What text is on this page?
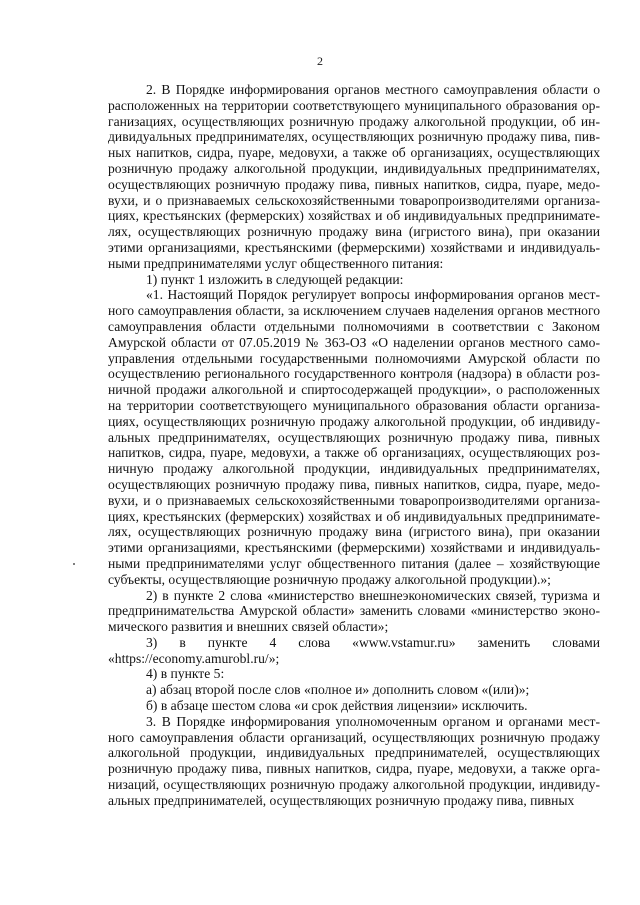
2

2. В Порядке информирования органов местного самоуправления области о расположенных на территории соответствующего муниципального образования организациях, осуществляющих розничную продажу алкогольной продукции, об индивидуальных предпринимателях, осуществляющих розничную продажу пива, пивных напитков, сидра, пуаре, медовухи, а также об организациях, осуществляющих розничную продажу алкогольной продукции, индивидуальных предпринимателях, осуществляющих розничную продажу пива, пивных напитков, сидра, пуаре, медовухи, и о признаваемых сельскохозяйственными товаропроизводителями организациях, крестьянских (фермерских) хозяйствах и об индивидуальных предпринимателях, осуществляющих розничную продажу вина (игристого вина), при оказании этими организациями, крестьянскими (фермерскими) хозяйствами и индивидуальными предпринимателями услуг общественного питания:

1) пункт 1 изложить в следующей редакции:

«1. Настоящий Порядок регулирует вопросы информирования органов местного самоуправления области, за исключением случаев наделения органов местного самоуправления области отдельными полномочиями в соответствии с Законом Амурской области от 07.05.2019 № 363-ОЗ «О наделении органов местного самоуправления отдельными государственными полномочиями Амурской области по осуществлению регионального государственного контроля (надзора) в области розничной продажи алкогольной и спиртосодержащей продукции», о расположенных на территории соответствующего муниципального образования области организациях, осуществляющих розничную продажу алкогольной продукции, об индивидуальных предпринимателях, осуществляющих розничную продажу пива, пивных напитков, сидра, пуаре, медовухи, а также об организациях, осуществляющих розничную продажу алкогольной продукции, индивидуальных предпринимателях, осуществляющих розничную продажу пива, пивных напитков, сидра, пуаре, медовухи, и о признаваемых сельскохозяйственными товаропроизводителями организациях, крестьянских (фермерских) хозяйствах и об индивидуальных предпринимателях, осуществляющих розничную продажу вина (игристого вина), при оказании этими организациями, крестьянскими (фермерскими) хозяйствами и индивидуальными предпринимателями услуг общественного питания (далее – хозяйствующие субъекты, осуществляющие розничную продажу алкогольной продукции).»;

2) в пункте 2 слова «министерство внешнеэкономических связей, туризма и предпринимательства Амурской области» заменить словами «министерство экономического развития и внешних связей области»;

3) в пункте 4 слова «www.vstamur.ru» заменить словами «https://economy.amurobl.ru/»;

4) в пункте 5:

а) абзац второй после слов «полное и» дополнить словом «(или)»;

б) в абзаце шестом слова «и срок действия лицензии» исключить.

3. В Порядке информирования уполномоченным органом и органами местного самоуправления области организаций, осуществляющих розничную продажу алкогольной продукции, индивидуальных предпринимателей, осуществляющих розничную продажу пива, пивных напитков, сидра, пуаре, медовухи, а также организаций, осуществляющих розничную продажу алкогольной продукции, индивидуальных предпринимателей, осуществляющих розничную продажу пива, пивных
